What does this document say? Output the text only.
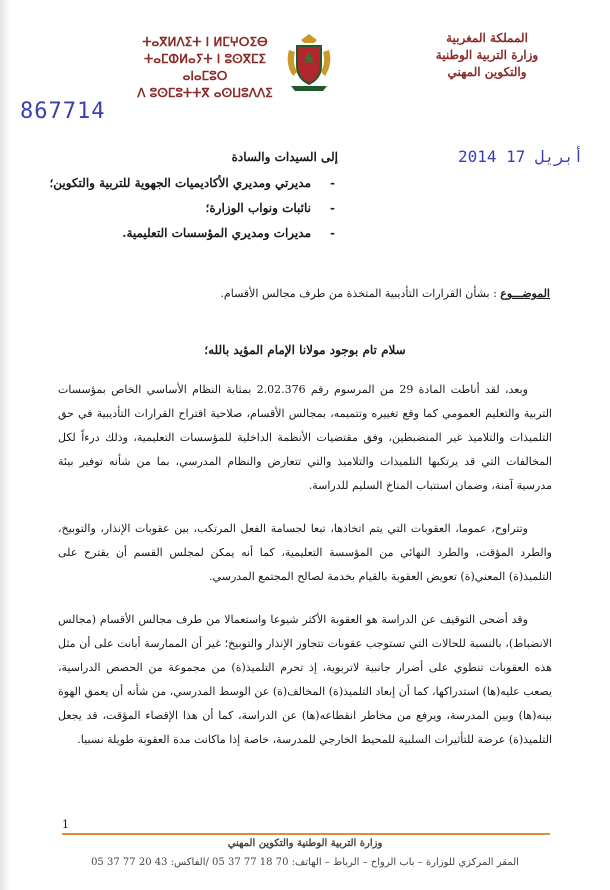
ⵜⴰⴳⵍⴷⵉⵜ ⵏ ⵍⵎⵖⵔⵉⴱ
ⵜⴰⵎⵀⵍⴰⵢⵜ ⵏ ⵓⵙⴳⵎⵉ ⴰⵏⴰⵎⵓⵔ
ⴷ ⵓⵙⵎⵓⵜⵜⴳ ⴰⵙⵡⵓⴷⴷⵉ
المملكة المغربية
وزارة التربية الوطنية
والتكوين المهني
867714
2014 أبريل 17
إلى السيدات والسادة
-مديرتي ومديري الأكاديميات الجهوية للتربية والتكوين؛
-نائبات ونواب الوزارة؛
-مديرات ومديري المؤسسات التعليمية.
الموضـــوع : بشأن القرارات التأديبية المتخذة من طرف مجالس الأقسام.
سلام تام بوجود مولانا الإمام المؤيد بالله؛

وبعد، لقد أناطت المادة 29 من المرسوم رقم 2.02.376 بمثابة النظام الأساسي الخاص بمؤسسات التربية والتعليم العمومي كما وقع تغييره وتتميمه، بمجالس الأقسام، صلاحية اقتراح القرارات التأديبية في حق التلميذات والتلاميذ غير المنضبطين، وفق مقتضيات الأنظمة الداخلية للمؤسسات التعليمية، وذلك درءاً لكل المخالفات التي قد يرتكبها التلميذات والتلاميذ والتي تتعارض والنظام المدرسي، بما من شأنه توفير بيئة مدرسية آمنة، وضمان استتباب المناخ السليم للدراسة.

وتتراوح، عموما، العقوبات التي يتم اتخاذها، تبعا لجسامة الفعل المرتكب، بين عقوبات الإنذار، والتوبيخ، والطرد المؤقت، والطرد النهائي من المؤسسة التعليمية، كما أنه يمكن لمجلس القسم أن يقترح على التلميذ(ة) المعني(ة) تعويض العقوبة بالقيام بخدمة لصالح المجتمع المدرسي.

وقد أضحى التوقيف عن الدراسة هو العقوبة الأكثر شيوعا واستعمالا من طرف مجالس الأقسام (مجالس الانضباط)، بالنسبة للحالات التي تستوجب عقوبات تتجاوز الإنذار والتوبيخ؛ غير أن الممارسة أبانت على أن مثل هذه العقوبات تنطوي على أضرار جانبية لاتربوية، إذ تحرم التلميذ(ة) من مجموعة من الحصص الدراسية، يصعب عليه(ها) استدراكها، كما أن إبعاد التلميذ(ة) المخالف(ة) عن الوسط المدرسي، من شأنه أن يعمق الهوة بينه(ها) وبين المدرسة، ويرفع من مخاطر انقطاعه(ها) عن الدراسة، كما أن هذا الإقصاء المؤقت، قد يجعل التلميذ(ة) عرضة للتأثيرات السلبية للمحيط الخارجي للمدرسة، خاصة إذا ماكانت مدة العقوبة طويلة نسبيا.

1
وزارة التربية الوطنية والتكوين المهني
المقر المركزي للوزارة – باب الرواح – الرباط – الهاتف: 70 18 77 37 05 /الفاكس: 43 20 77 37 05
